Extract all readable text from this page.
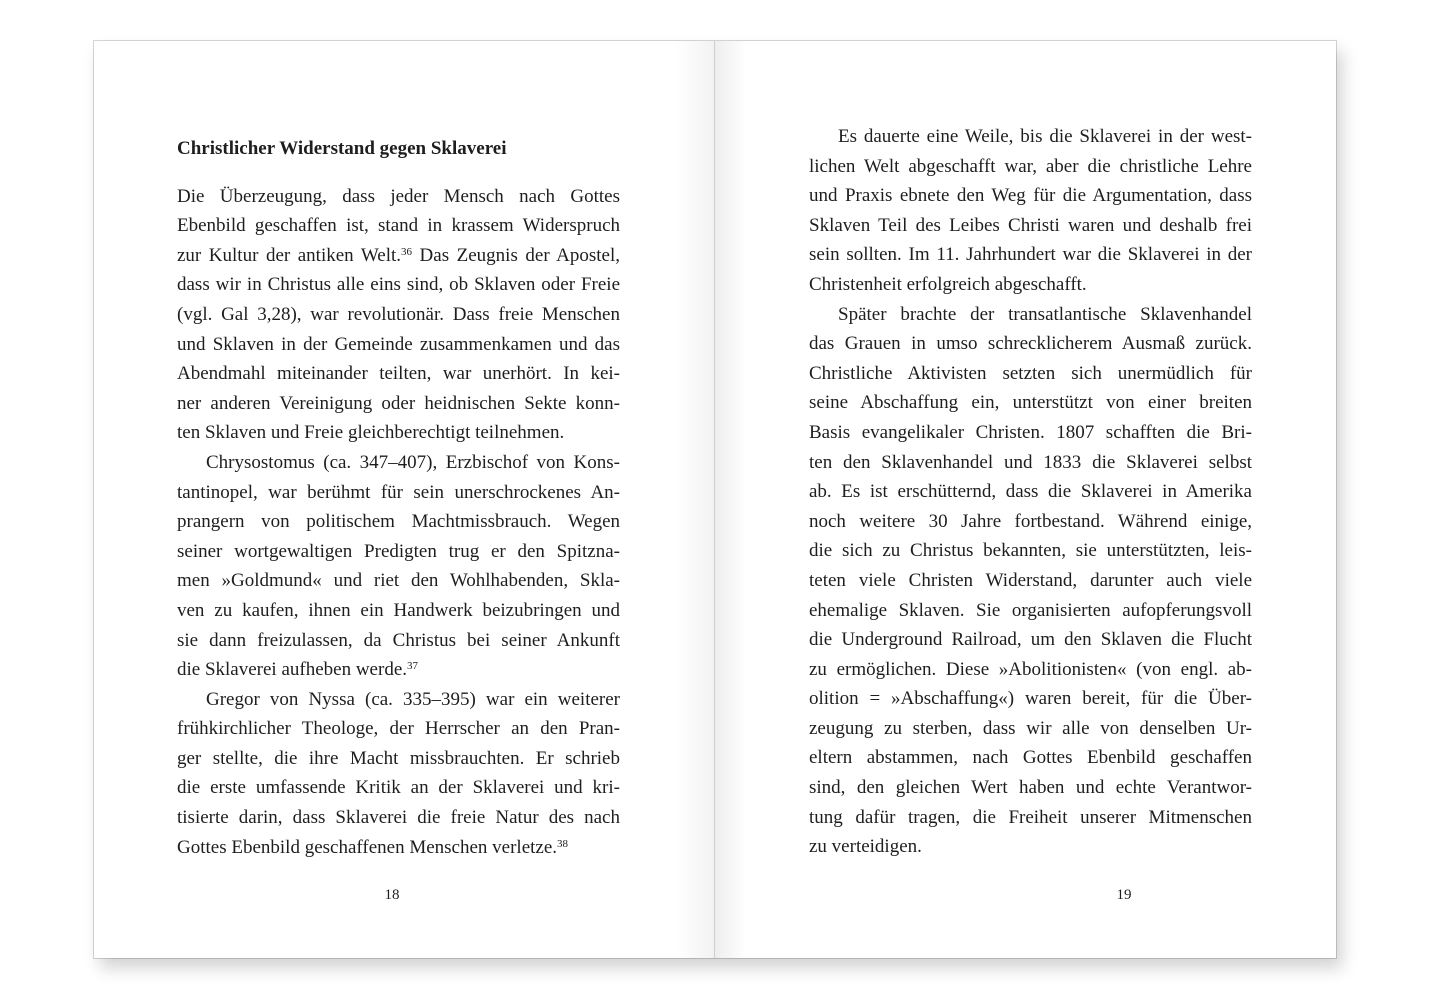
Christlicher Widerstand gegen Sklaverei

Die Überzeugung, dass jeder Mensch nach Gottes
Ebenbild geschaffen ist, stand in krassem Widerspruch
zur Kultur der antiken Welt.$^{36}$ Das Zeugnis der Apostel,
dass wir in Christus alle eins sind, ob Sklaven oder Freie
(vgl. Gal 3,28), war revolutionär. Dass freie Menschen
und Sklaven in der Gemeinde zusammenkamen und das
Abendmahl miteinander teilten, war unerhört. In kei-
ner anderen Vereinigung oder heidnischen Sekte konn-
ten Sklaven und Freie gleichberechtigt teilnehmen.

Chrysostomus (ca. 347–407), Erzbischof von Kons-
tantinopel, war berühmt für sein unerschrockenes An-
prangern von politischem Machtmissbrauch. Wegen
seiner wortgewaltigen Predigten trug er den Spitzna-
men »Goldmund« und riet den Wohlhabenden, Skla-
ven zu kaufen, ihnen ein Handwerk beizubringen und
sie dann freizulassen, da Christus bei seiner Ankunft
die Sklaverei aufheben werde.$^{37}$

Gregor von Nyssa (ca. 335–395) war ein weiterer
frühkirchlicher Theologe, der Herrscher an den Pran-
ger stellte, die ihre Macht missbrauchten. Er schrieb
die erste umfassende Kritik an der Sklaverei und kri-
tisierte darin, dass Sklaverei die freie Natur des nach
Gottes Ebenbild geschaffenen Menschen verletze.$^{38}$

18

Es dauerte eine Weile, bis die Sklaverei in der west-
lichen Welt abgeschafft war, aber die christliche Lehre
und Praxis ebnete den Weg für die Argumentation, dass
Sklaven Teil des Leibes Christi waren und deshalb frei
sein sollten. Im 11. Jahrhundert war die Sklaverei in der
Christenheit erfolgreich abgeschafft.

Später brachte der transatlantische Sklavenhandel
das Grauen in umso schrecklicherem Ausmaß zurück.
Christliche Aktivisten setzten sich unermüdlich für
seine Abschaffung ein, unterstützt von einer breiten
Basis evangelikaler Christen. 1807 schafften die Bri-
ten den Sklavenhandel und 1833 die Sklaverei selbst
ab. Es ist erschütternd, dass die Sklaverei in Amerika
noch weitere 30 Jahre fortbestand. Während einige,
die sich zu Christus bekannten, sie unterstützten, leis-
teten viele Christen Widerstand, darunter auch viele
ehemalige Sklaven. Sie organisierten aufopferungsvoll
die Underground Railroad, um den Sklaven die Flucht
zu ermöglichen. Diese »Abolitionisten« (von engl. ab-
olition = »Abschaffung«) waren bereit, für die Über-
zeugung zu sterben, dass wir alle von denselben Ur-
eltern abstammen, nach Gottes Ebenbild geschaffen
sind, den gleichen Wert haben und echte Verantwor-
tung dafür tragen, die Freiheit unserer Mitmenschen
zu verteidigen.

19
